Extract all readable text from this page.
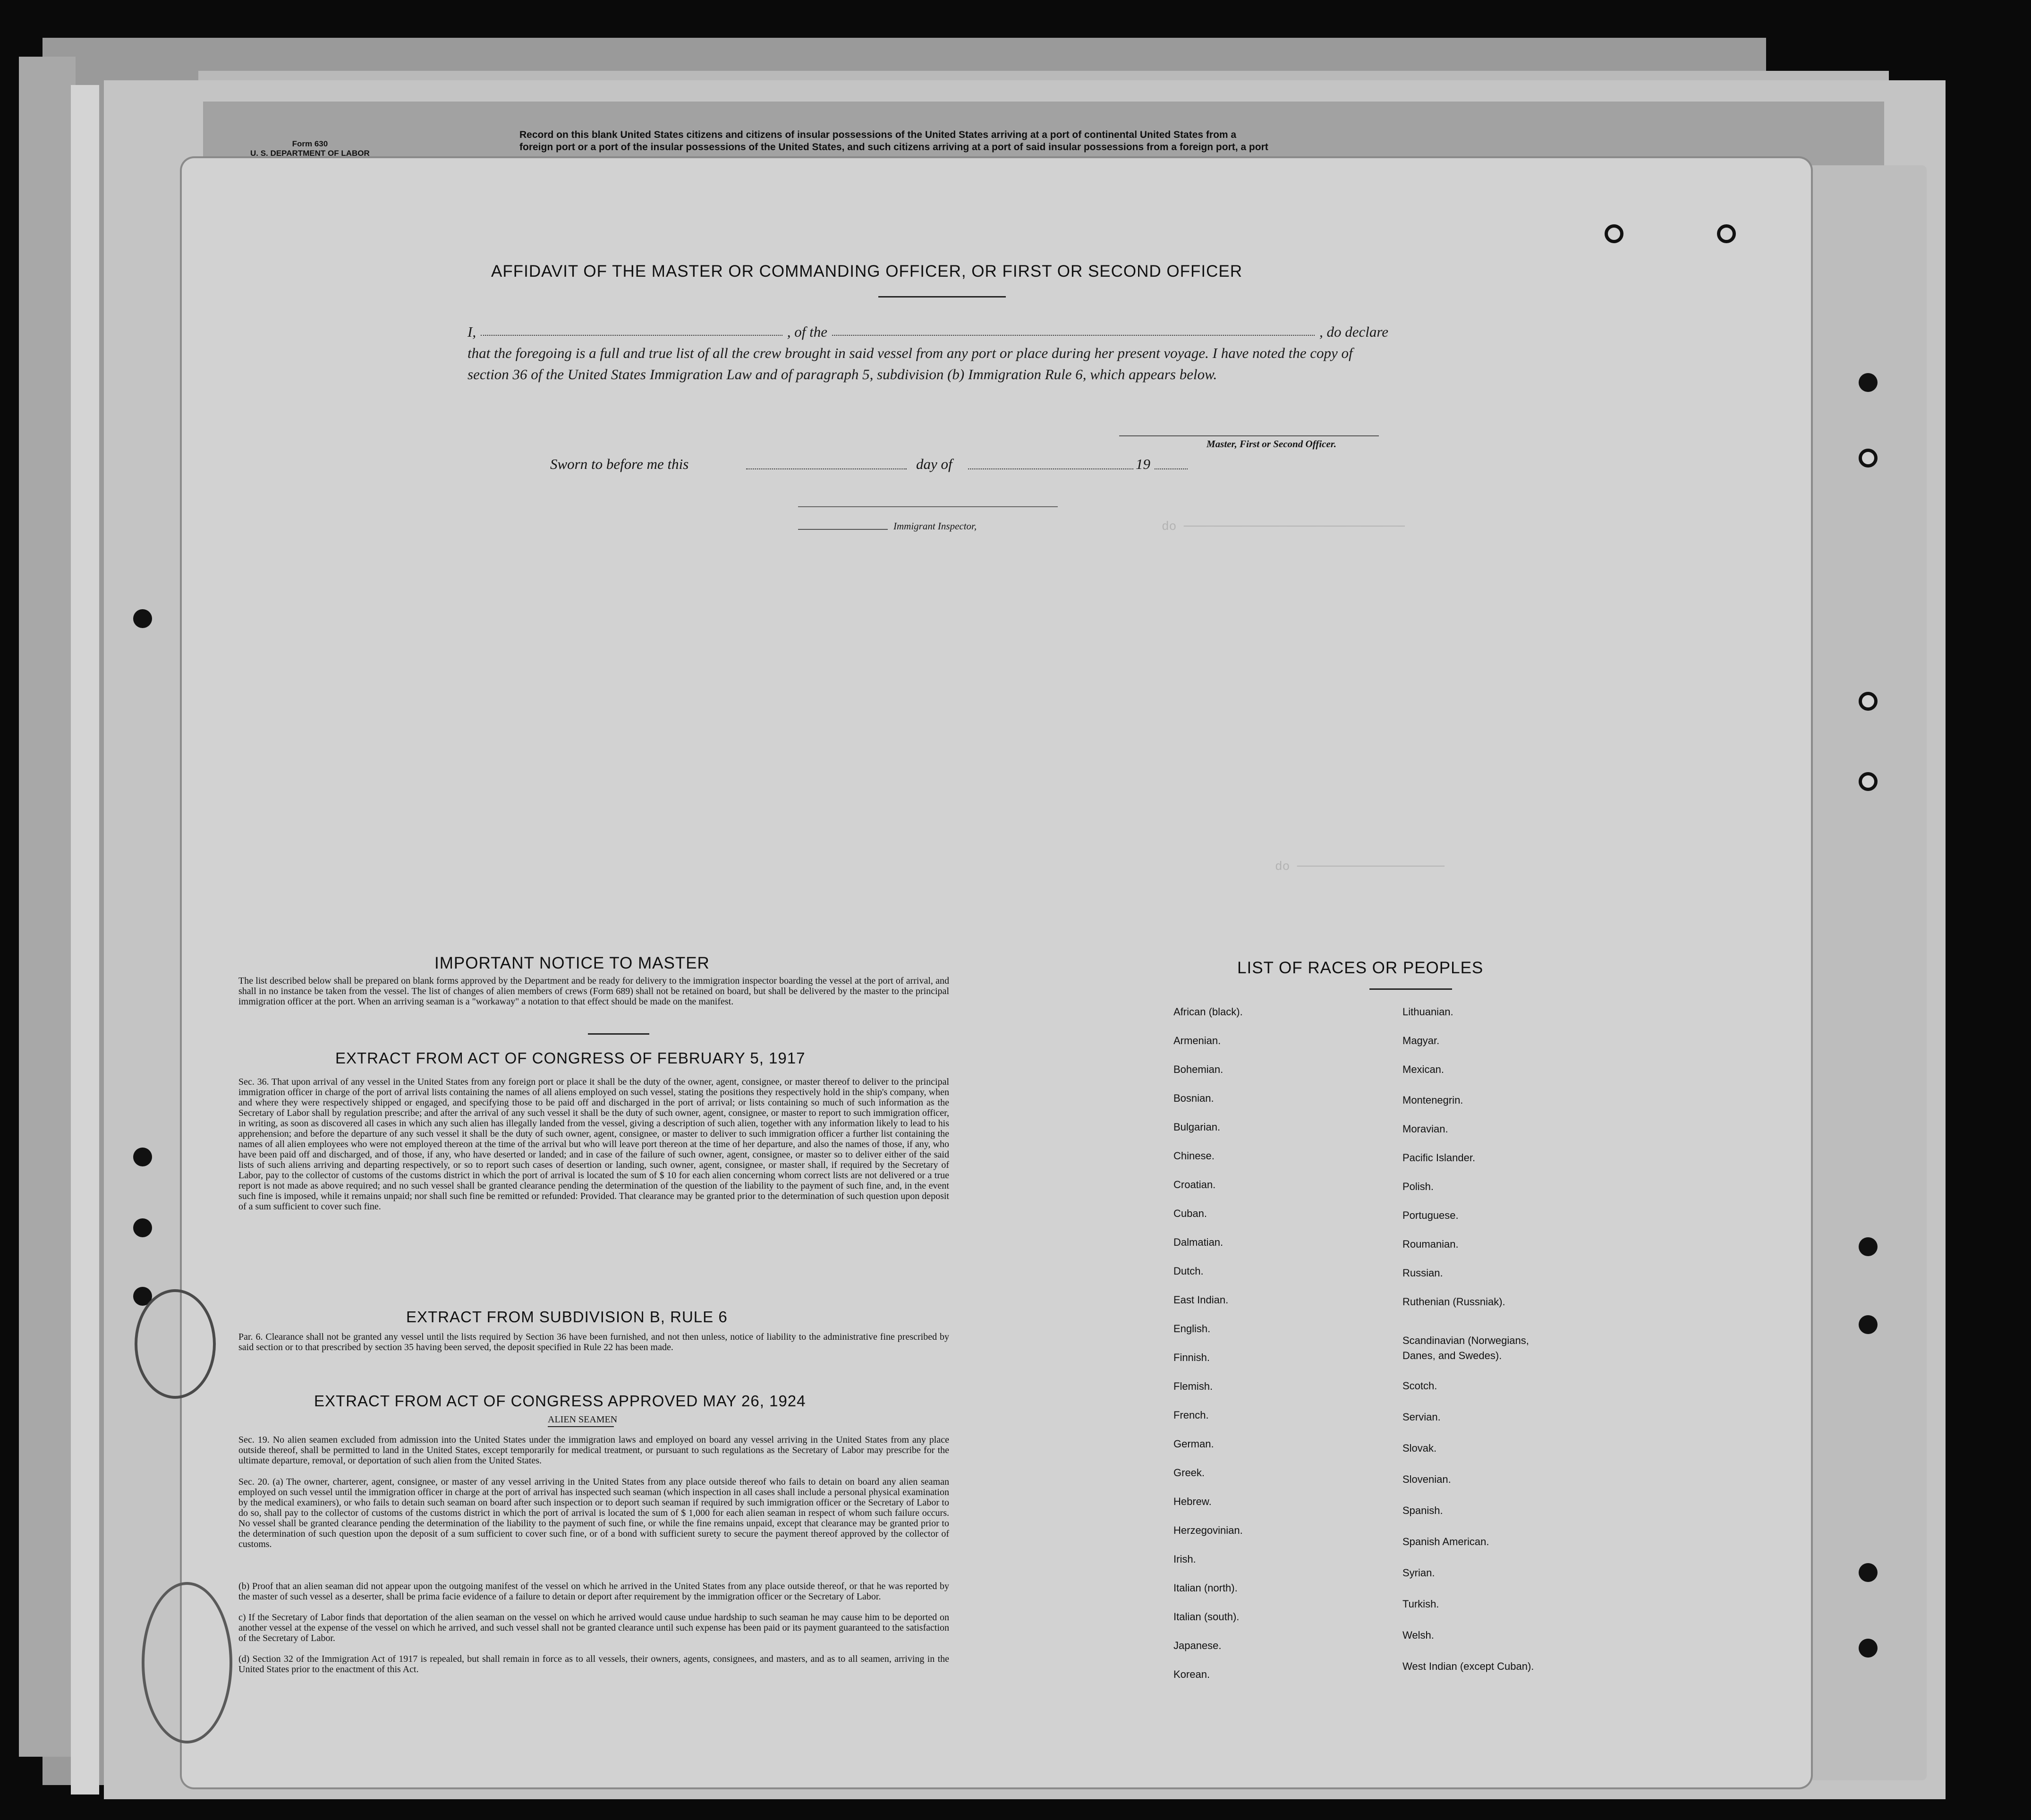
Form 630
U. S. DEPARTMENT OF LABOR
Record on this blank United States citizens and citizens of insular possessions of the United States arriving at a port of continental United States from a
foreign port or a port of the insular possessions of the United States, and such citizens arriving at a port of said insular possessions from a foreign port, a port
do ──────────────────────────────
do ────────────────────
AFFIDAVIT OF THE MASTER OR COMMANDING OFFICER, OR FIRST OR SECOND OFFICER
I,	, of the	, do declare
that the foregoing is a full and true list of all the crew brought in said vessel from any port or place during her present voyage. I have noted the copy of section 36 of the United States Immigration Law and of paragraph 5, subdivision (b) Immigration Rule 6, which appears below.
Master, First or Second Officer.
Sworn to before me this	day of	19
Immigrant Inspector,
IMPORTANT NOTICE TO MASTER
The list described below shall be prepared on blank forms approved by the Department and be ready for delivery to the immigration inspector boarding the vessel at the port of arrival, and shall in no instance be taken from the vessel. The list of changes of alien members of crews (Form 689) shall not be retained on board, but shall be delivered by the master to the principal immigration officer at the port. When an arriving seaman is a "workaway" a notation to that effect should be made on the manifest.
EXTRACT FROM ACT OF CONGRESS OF FEBRUARY 5, 1917
Sec. 36. That upon arrival of any vessel in the United States from any foreign port or place it shall be the duty of the owner, agent, consignee, or master thereof to deliver to the principal immigration officer in charge of the port of arrival lists containing the names of all aliens employed on such vessel, stating the positions they respectively hold in the ship's company, when and where they were respectively shipped or engaged, and specifying those to be paid off and discharged in the port of arrival; or lists containing so much of such information as the Secretary of Labor shall by regulation prescribe; and after the arrival of any such vessel it shall be the duty of such owner, agent, consignee, or master to report to such immigration officer, in writing, as soon as discovered all cases in which any such alien has illegally landed from the vessel, giving a description of such alien, together with any information likely to lead to his apprehension; and before the departure of any such vessel it shall be the duty of such owner, agent, consignee, or master to deliver to such immigration officer a further list containing the names of all alien employees who were not employed thereon at the time of the arrival but who will leave port thereon at the time of her departure, and also the names of those, if any, who have been paid off and discharged, and of those, if any, who have deserted or landed; and in case of the failure of such owner, agent, consignee, or master so to deliver either of the said lists of such aliens arriving and departing respectively, or so to report such cases of desertion or landing, such owner, agent, consignee, or master shall, if required by the Secretary of Labor, pay to the collector of customs of the customs district in which the port of arrival is located the sum of $ 10 for each alien concerning whom correct lists are not delivered or a true report is not made as above required; and no such vessel shall be granted clearance pending the determination of the question of the liability to the payment of such fine, and, in the event such fine is imposed, while it remains unpaid; nor shall such fine be remitted or refunded: Provided. That clearance may be granted prior to the determination of such question upon deposit of a sum sufficient to cover such fine.
EXTRACT FROM SUBDIVISION B, RULE 6
Par. 6. Clearance shall not be granted any vessel until the lists required by Section 36 have been furnished, and not then unless, notice of liability to the administrative fine prescribed by said section or to that prescribed by section 35 having been served, the deposit specified in Rule 22 has been made.
EXTRACT FROM ACT OF CONGRESS APPROVED MAY 26, 1924
ALIEN SEAMEN
Sec. 19. No alien seamen excluded from admission into the United States under the immigration laws and employed on board any vessel arriving in the United States from any place outside thereof, shall be permitted to land in the United States, except temporarily for medical treatment, or pursuant to such regulations as the Secretary of Labor may prescribe for the ultimate departure, removal, or deportation of such alien from the United States.
Sec. 20. (a) The owner, charterer, agent, consignee, or master of any vessel arriving in the United States from any place outside thereof who fails to detain on board any alien seaman employed on such vessel until the immigration officer in charge at the port of arrival has inspected such seaman (which inspection in all cases shall include a personal physical examination by the medical examiners), or who fails to detain such seaman on board after such inspection or to deport such seaman if required by such immigration officer or the Secretary of Labor to do so, shall pay to the collector of customs of the customs district in which the port of arrival is located the sum of $ 1,000 for each alien seaman in respect of whom such failure occurs. No vessel shall be granted clearance pending the determination of the liability to the payment of such fine, or while the fine remains unpaid, except that clearance may be granted prior to the determination of such question upon the deposit of a sum sufficient to cover such fine, or of a bond with sufficient surety to secure the payment thereof approved by the collector of customs.
(b) Proof that an alien seaman did not appear upon the outgoing manifest of the vessel on which he arrived in the United States from any place outside thereof, or that he was reported by the master of such vessel as a deserter, shall be prima facie evidence of a failure to detain or deport after requirement by the immigration officer or the Secretary of Labor.
c) If the Secretary of Labor finds that deportation of the alien seaman on the vessel on which he arrived would cause undue hardship to such seaman he may cause him to be deported on another vessel at the expense of the vessel on which he arrived, and such vessel shall not be granted clearance until such expense has been paid or its payment guaranteed to the satisfaction of the Secretary of Labor.
(d) Section 32 of the Immigration Act of 1917 is repealed, but shall remain in force as to all vessels, their owners, agents, consignees, and masters, and as to all seamen, arriving in the United States prior to the enactment of this Act.
LIST OF RACES OR PEOPLES
African (black).
Armenian.
Bohemian.
Bosnian.
Bulgarian.
Chinese.
Croatian.
Cuban.
Dalmatian.
Dutch.
East Indian.
English.
Finnish.
Flemish.
French.
German.
Greek.
Hebrew.
Herzegovinian.
Irish.
Italian (north).
Italian (south).
Japanese.
Korean.
Lithuanian.
Magyar.
Mexican.
Montenegrin.
Moravian.
Pacific Islander.
Polish.
Portuguese.
Roumanian.
Russian.
Ruthenian (Russniak).
Scandinavian (Norwegians,
Danes, and Swedes).
Scotch.
Servian.
Slovak.
Slovenian.
Spanish.
Spanish American.
Syrian.
Turkish.
Welsh.
West Indian (except Cuban).
